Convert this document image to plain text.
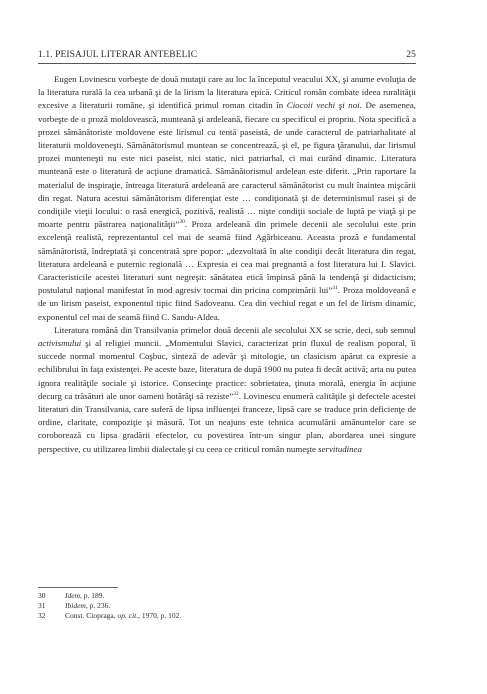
1.1. PEISAJUL LITERAR ANTEBELIC	25

Eugen Lovinescu vorbeşte de două mutaţii care au loc la începutul veacului XX, şi anume evoluţia de la literatura rurală la cea urbană şi de la lirism la literatura epică. Criticul român combate ideea ruralităţii excesive a literaturii române, şi identifică primul roman citadin în Ciocoii vechi şi noi. De asemenea, vorbeşte de o proză moldovească, munteană şi ardeleană, fiecare cu specificul ei propriu. Nota specifică a prozei sămănătoriste moldovene este lirismul cu tentă paseistă, de unde caracterul de patriarhalitate al literaturii moldoveneşti. Sămănătorismul muntean se concentrează, şi el, pe figura ţăranului, dar lirismul prozei munteneşti nu este nici paseist, nici static, nici patriarhal, ci mai curând dinamic. Literatura munteană este o literatură de acţiune dramatică. Sămănătorismul ardelean este diferit. „Prin raportare la materialul de inspiraţie, întreaga literatură ardeleană are caracterul sămănătorist cu mult înaintea mişcării din regat. Natura acestui sămănătorism diferenţiat este … condiţionată şi de determinismul rasei şi de condiţiile vieţii locului: o rasă energică, pozitivă, realistă … nişte condiţii sociale de luptă pe viaţă şi pe moarte pentru păstrarea naţionalităţii”$^{30}$. Proza ardeleană din primele decenii ale secolului este prin excelenţă realistă, reprezentantul cel mai de seamă fiind Agârbiceanu. Aceasta proză e fundamental sămănătoristă, îndreptată şi concentrată spre popor: „dezvoltată în alte condiţii decât literatura din regat, literatura ardeleană e puternic regională … Expresia ei cea mai pregnantă a fost literatura lui I. Slavici. Caracteristicile acestei literaturi sunt negreşit: sănătatea etică împinsă până la tendenţă şi didacticism; postulatul naţional manifestat în mod agresiv tocmai din pricina comprimării lui”$^{31}$. Proza moldoveană e de un lirism paseist, exponentul tipic fiind Sadoveanu. Cea din vechiul regat e un fel de lirism dinamic, exponentul cel mai de seamă fiind C. Sandu-Aldea.

Literatura română din Transilvania primelor două decenii ale secolului XX se scrie, deci, sub semnul activismului şi al religiei muncii. „Momentului Slavici, caracterizat prin fluxul de realism poporal, îi succede normal momentul Coşbuc, sinteză de adevăr şi mitologie, un clasicism apărut ca expresie a echilibrului în faţa existenţei. Pe aceste baze, literatura de după 1900 nu putea fi decât activă; arta nu putea ignora realităţile sociale şi istorice. Consecinţe practice: sobrietatea, ţinuta morală, energia în acţiune decurg ca trăsături ale unor oameni hotărâţi să reziste”$^{32}$. Lovinescu enumeră calităţile şi defectele acestei literaturi din Transilvania, care suferă de lipsa influenţei franceze, lipsă care se traduce prin deficienţe de ordine, claritate, compoziţie şi măsură. Tot un neajuns este tehnica acumulării amănuntelor care se coroborează cu lipsa gradării efectelor, cu povestirea într-un singur plan, abordarea unei singure perspective, cu utilizarea limbii dialectale şi cu ceea ce criticul român numeşte servitudinea

30	Idem, p. 189.
31	Ibidem, p. 236.
32	Const. Ciopraga, op. cit., 1970, p. 102.
